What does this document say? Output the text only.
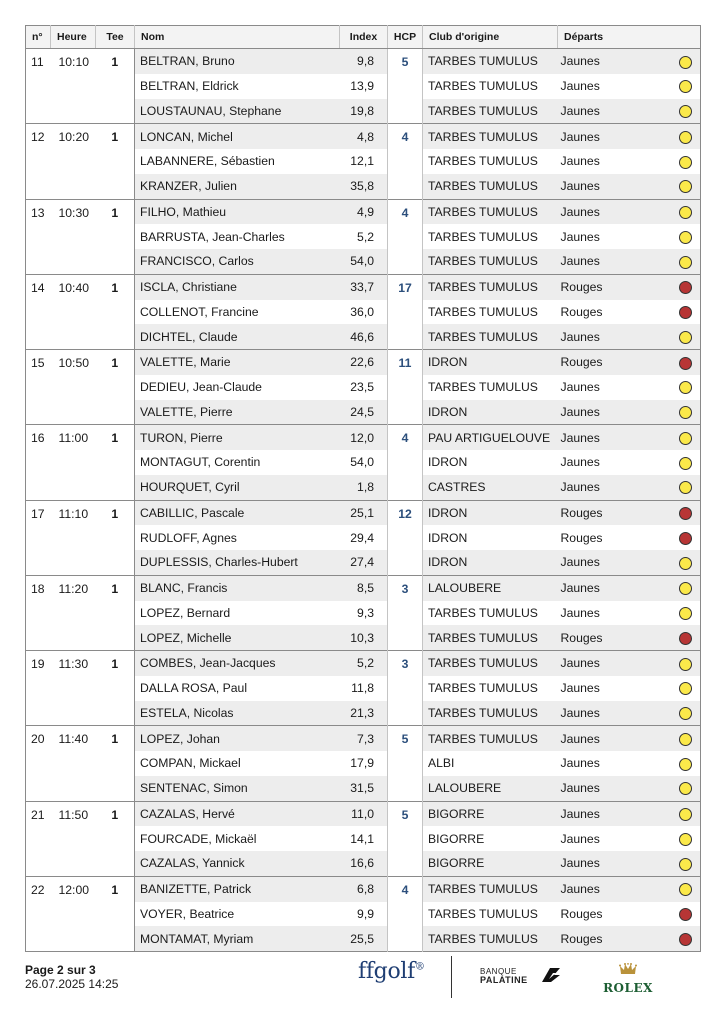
n°	Heure	Tee	Nom	Index	HCP	Club d'origine	Départs	
11	10:10	1	BELTRAN, Bruno	9,8	5	TARBES TUMULUS	Jaunes	
			BELTRAN, Eldrick	13,9		TARBES TUMULUS	Jaunes	
			LOUSTAUNAU, Stephane	19,8		TARBES TUMULUS	Jaunes	
12	10:20	1	LONCAN, Michel	4,8	4	TARBES TUMULUS	Jaunes	
			LABANNERE, Sébastien	12,1		TARBES TUMULUS	Jaunes	
			KRANZER, Julien	35,8		TARBES TUMULUS	Jaunes	
13	10:30	1	FILHO, Mathieu	4,9	4	TARBES TUMULUS	Jaunes	
			BARRUSTA, Jean-Charles	5,2		TARBES TUMULUS	Jaunes	
			FRANCISCO, Carlos	54,0		TARBES TUMULUS	Jaunes	
14	10:40	1	ISCLA, Christiane	33,7	17	TARBES TUMULUS	Rouges	
			COLLENOT, Francine	36,0		TARBES TUMULUS	Rouges	
			DICHTEL, Claude	46,6		TARBES TUMULUS	Jaunes	
15	10:50	1	VALETTE, Marie	22,6	11	IDRON	Rouges	
			DEDIEU, Jean-Claude	23,5		TARBES TUMULUS	Jaunes	
			VALETTE, Pierre	24,5		IDRON	Jaunes	
16	11:00	1	TURON, Pierre	12,0	4	PAU ARTIGUELOUVE	Jaunes	
			MONTAGUT, Corentin	54,0		IDRON	Jaunes	
			HOURQUET, Cyril	1,8		CASTRES	Jaunes	
17	11:10	1	CABILLIC, Pascale	25,1	12	IDRON	Rouges	
			RUDLOFF, Agnes	29,4		IDRON	Rouges	
			DUPLESSIS, Charles-Hubert	27,4		IDRON	Jaunes	
18	11:20	1	BLANC, Francis	8,5	3	LALOUBERE	Jaunes	
			LOPEZ, Bernard	9,3		TARBES TUMULUS	Jaunes	
			LOPEZ, Michelle	10,3		TARBES TUMULUS	Rouges	
19	11:30	1	COMBES, Jean-Jacques	5,2	3	TARBES TUMULUS	Jaunes	
			DALLA ROSA, Paul	11,8		TARBES TUMULUS	Jaunes	
			ESTELA, Nicolas	21,3		TARBES TUMULUS	Jaunes	
20	11:40	1	LOPEZ, Johan	7,3	5	TARBES TUMULUS	Jaunes	
			COMPAN, Mickael	17,9		ALBI	Jaunes	
			SENTENAC, Simon	31,5		LALOUBERE	Jaunes	
21	11:50	1	CAZALAS, Hervé	11,0	5	BIGORRE	Jaunes	
			FOURCADE, Mickaël	14,1		BIGORRE	Jaunes	
			CAZALAS, Yannick	16,6		BIGORRE	Jaunes	
22	12:00	1	BANIZETTE, Patrick	6,8	4	TARBES TUMULUS	Jaunes	
			VOYER, Beatrice	9,9		TARBES TUMULUS	Rouges	
			MONTAMAT, Myriam	25,5		TARBES TUMULUS	Rouges	
Page 2 sur 3
26.07.2025 14:25	ffgolf®	BANQUE
PALATINE
ROLEX
